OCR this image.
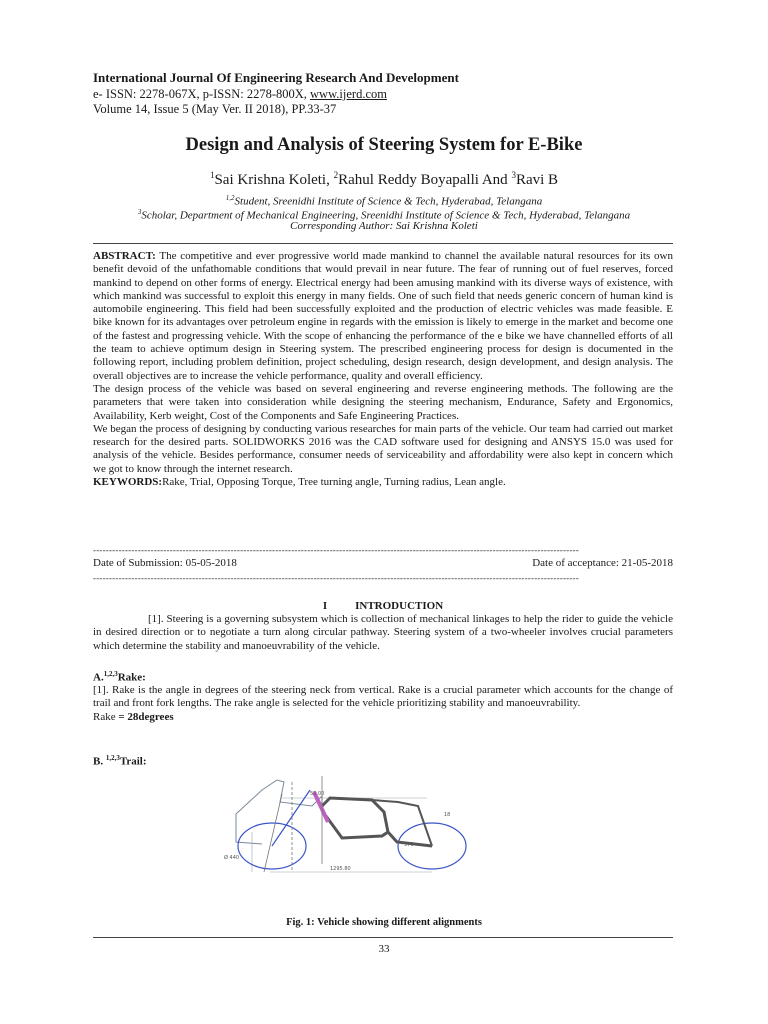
International Journal Of Engineering Research And Development
e- ISSN: 2278-067X, p-ISSN: 2278-800X, www.ijerd.com
Volume 14, Issue 5 (May Ver. II 2018), PP.33-37
Design and Analysis of Steering System for E-Bike
$^1$Sai Krishna Koleti, $^2$Rahul Reddy Boyapalli And $^3$Ravi B
$^{1,2}$Student, Sreenidhi Institute of Science & Tech, Hyderabad, Telangana
$^3$Scholar, Department of Mechanical Engineering, Sreenidhi Institute of Science & Tech, Hyderabad, Telangana
Corresponding Author: Sai Krishna Koleti

ABSTRACT: The competitive and ever progressive world made mankind to channel the available natural resources for its own benefit devoid of the unfathomable conditions that would prevail in near future. The fear of running out of fuel reserves, forced mankind to depend on other forms of energy. Electrical energy had been amusing mankind with its diverse ways of existence, with which mankind was successful to exploit this energy in many fields. One of such field that needs generic concern of human kind is automobile engineering. This field had been successfully exploited and the production of electric vehicles was made feasible. E bike known for its advantages over petroleum engine in regards with the emission is likely to emerge in the market and become one of the fastest and progressing vehicle. With the scope of enhancing the performance of the e bike we have channelled efforts of all the team to achieve optimum design in Steering system. The prescribed engineering process for design is documented in the following report, including problem definition, project scheduling, design research, design development, and design analysis. The overall objectives are to increase the vehicle performance, quality and overall efficiency.

The design process of the vehicle was based on several engineering and reverse engineering methods. The following are the parameters that were taken into consideration while designing the steering mechanism, Endurance, Safety and Ergonomics, Availability, Kerb weight, Cost of the Components and Safe Engineering Practices.

We began the process of designing by conducting various researches for main parts of the vehicle. Our team had carried out market research for the desired parts. SOLIDWORKS 2016 was the CAD software used for designing and ANSYS 15.0 was used for analysis of the vehicle. Besides performance, consumer needs of serviceability and affordability were also kept in concern which we got to know through the internet research.

KEYWORDS:Rake, Trial, Opposing Torque, Tree turning angle, Turning radius, Lean angle.

--------------------------------------------------------------------------------------------------------------------------------------------------------
Date of Submission: 05-05-2018	Date of acceptance: 21-05-2018
--------------------------------------------------------------------------------------------------------------------------------------------------------
I	INTRODUCTION

[1]. Steering is a governing subsystem which is collection of mechanical linkages to help the rider to guide the vehicle in desired direction or to negotiate a turn along circular pathway. Steering system of a two-wheeler involves crucial parameters which determine the stability and manoeuvrability of the vehicle.

A.$^{1,2,3}$Rake:

[1]. Rake is the angle in degrees of the steering neck from vertical. Rake is a crucial parameter which accounts for the change of trail and front fork lengths. The rake angle is selected for the vehicle prioritizing stability and manoeuvrability.

Rake = 28degrees

B. $^{1,2,3}$Trail:
55.00
1295.80
370
Ø 440
18
Fig. 1: Vehicle showing different alignments
33
